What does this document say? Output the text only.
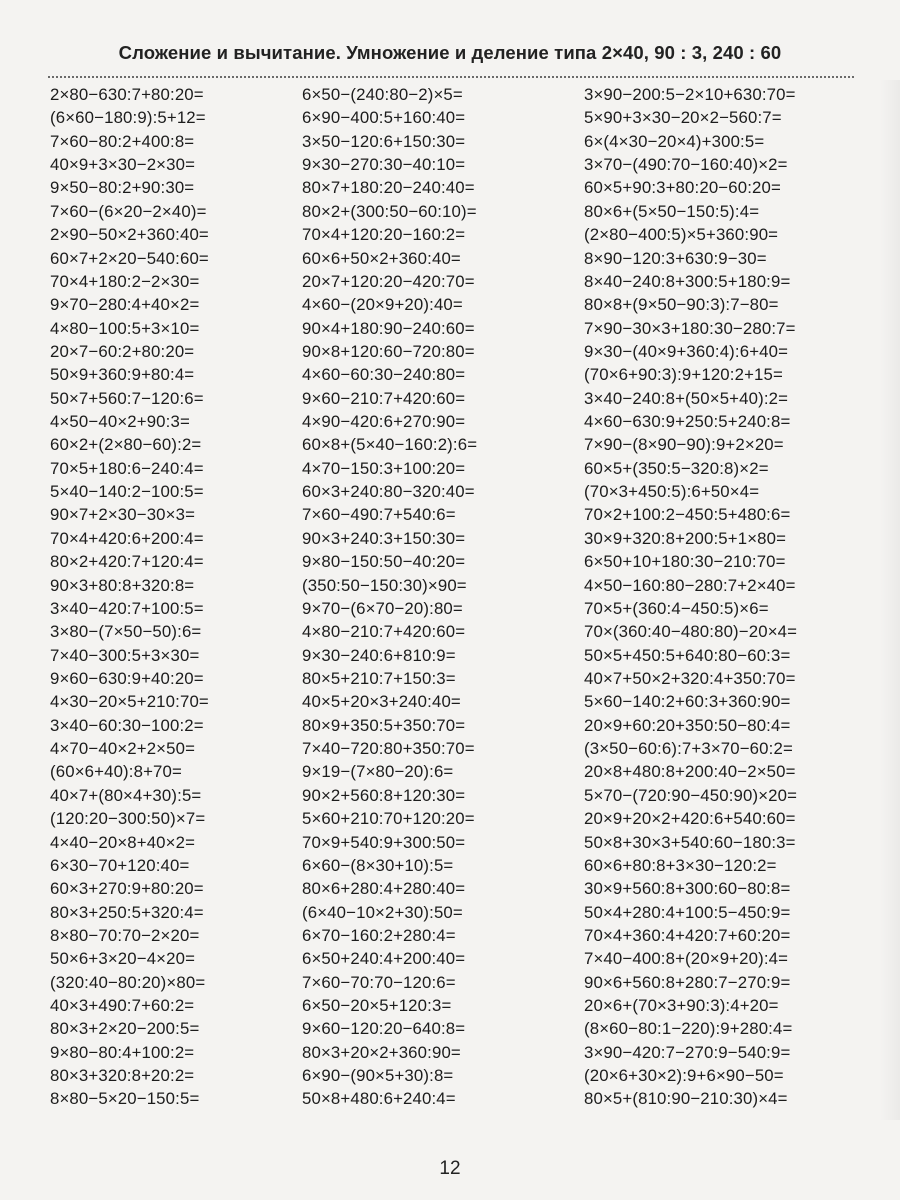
Сложение и вычитание. Умножение и деление типа 2×40, 90 : 3, 240 : 60
2×80−630:7+80:20=
(6×60−180:9):5+12=
7×60−80:2+400:8=
40×9+3×30−2×30=
9×50−80:2+90:30=
7×60−(6×20−2×40)=
2×90−50×2+360:40=
60×7+2×20−540:60=
70×4+180:2−2×30=
9×70−280:4+40×2=
4×80−100:5+3×10=
20×7−60:2+80:20=
50×9+360:9+80:4=
50×7+560:7−120:6=
4×50−40×2+90:3=
60×2+(2×80−60):2=
70×5+180:6−240:4=
5×40−140:2−100:5=
90×7+2×30−30×3=
70×4+420:6+200:4=
80×2+420:7+120:4=
90×3+80:8+320:8=
3×40−420:7+100:5=
3×80−(7×50−50):6=
7×40−300:5+3×30=
9×60−630:9+40:20=
4×30−20×5+210:70=
3×40−60:30−100:2=
4×70−40×2+2×50=
(60×6+40):8+70=
40×7+(80×4+30):5=
(120:20−300:50)×7=
4×40−20×8+40×2=
6×30−70+120:40=
60×3+270:9+80:20=
80×3+250:5+320:4=
8×80−70:70−2×20=
50×6+3×20−4×20=
(320:40−80:20)×80=
40×3+490:7+60:2=
80×3+2×20−200:5=
9×80−80:4+100:2=
80×3+320:8+20:2=
8×80−5×20−150:5=
6×50−(240:80−2)×5=
6×90−400:5+160:40=
3×50−120:6+150:30=
9×30−270:30−40:10=
80×7+180:20−240:40=
80×2+(300:50−60:10)=
70×4+120:20−160:2=
60×6+50×2+360:40=
20×7+120:20−420:70=
4×60−(20×9+20):40=
90×4+180:90−240:60=
90×8+120:60−720:80=
4×60−60:30−240:80=
9×60−210:7+420:60=
4×90−420:6+270:90=
60×8+(5×40−160:2):6=
4×70−150:3+100:20=
60×3+240:80−320:40=
7×60−490:7+540:6=
90×3+240:3+150:30=
9×80−150:50−40:20=
(350:50−150:30)×90=
9×70−(6×70−20):80=
4×80−210:7+420:60=
9×30−240:6+810:9=
80×5+210:7+150:3=
40×5+20×3+240:40=
80×9+350:5+350:70=
7×40−720:80+350:70=
9×19−(7×80−20):6=
90×2+560:8+120:30=
5×60+210:70+120:20=
70×9+540:9+300:50=
6×60−(8×30+10):5=
80×6+280:4+280:40=
(6×40−10×2+30):50=
6×70−160:2+280:4=
6×50+240:4+200:40=
7×60−70:70−120:6=
6×50−20×5+120:3=
9×60−120:20−640:8=
80×3+20×2+360:90=
6×90−(90×5+30):8=
50×8+480:6+240:4=
3×90−200:5−2×10+630:70=
5×90+3×30−20×2−560:7=
6×(4×30−20×4)+300:5=
3×70−(490:70−160:40)×2=
60×5+90:3+80:20−60:20=
80×6+(5×50−150:5):4=
(2×80−400:5)×5+360:90=
8×90−120:3+630:9−30=
8×40−240:8+300:5+180:9=
80×8+(9×50−90:3):7−80=
7×90−30×3+180:30−280:7=
9×30−(40×9+360:4):6+40=
(70×6+90:3):9+120:2+15=
3×40−240:8+(50×5+40):2=
4×60−630:9+250:5+240:8=
7×90−(8×90−90):9+2×20=
60×5+(350:5−320:8)×2=
(70×3+450:5):6+50×4=
70×2+100:2−450:5+480:6=
30×9+320:8+200:5+1×80=
6×50+10+180:30−210:70=
4×50−160:80−280:7+2×40=
70×5+(360:4−450:5)×6=
70×(360:40−480:80)−20×4=
50×5+450:5+640:80−60:3=
40×7+50×2+320:4+350:70=
5×60−140:2+60:3+360:90=
20×9+60:20+350:50−80:4=
(3×50−60:6):7+3×70−60:2=
20×8+480:8+200:40−2×50=
5×70−(720:90−450:90)×20=
20×9+20×2+420:6+540:60=
50×8+30×3+540:60−180:3=
60×6+80:8+3×30−120:2=
30×9+560:8+300:60−80:8=
50×4+280:4+100:5−450:9=
70×4+360:4+420:7+60:20=
7×40−400:8+(20×9+20):4=
90×6+560:8+280:7−270:9=
20×6+(70×3+90:3):4+20=
(8×60−80:1−220):9+280:4=
3×90−420:7−270:9−540:9=
(20×6+30×2):9+6×90−50=
80×5+(810:90−210:30)×4=
12
